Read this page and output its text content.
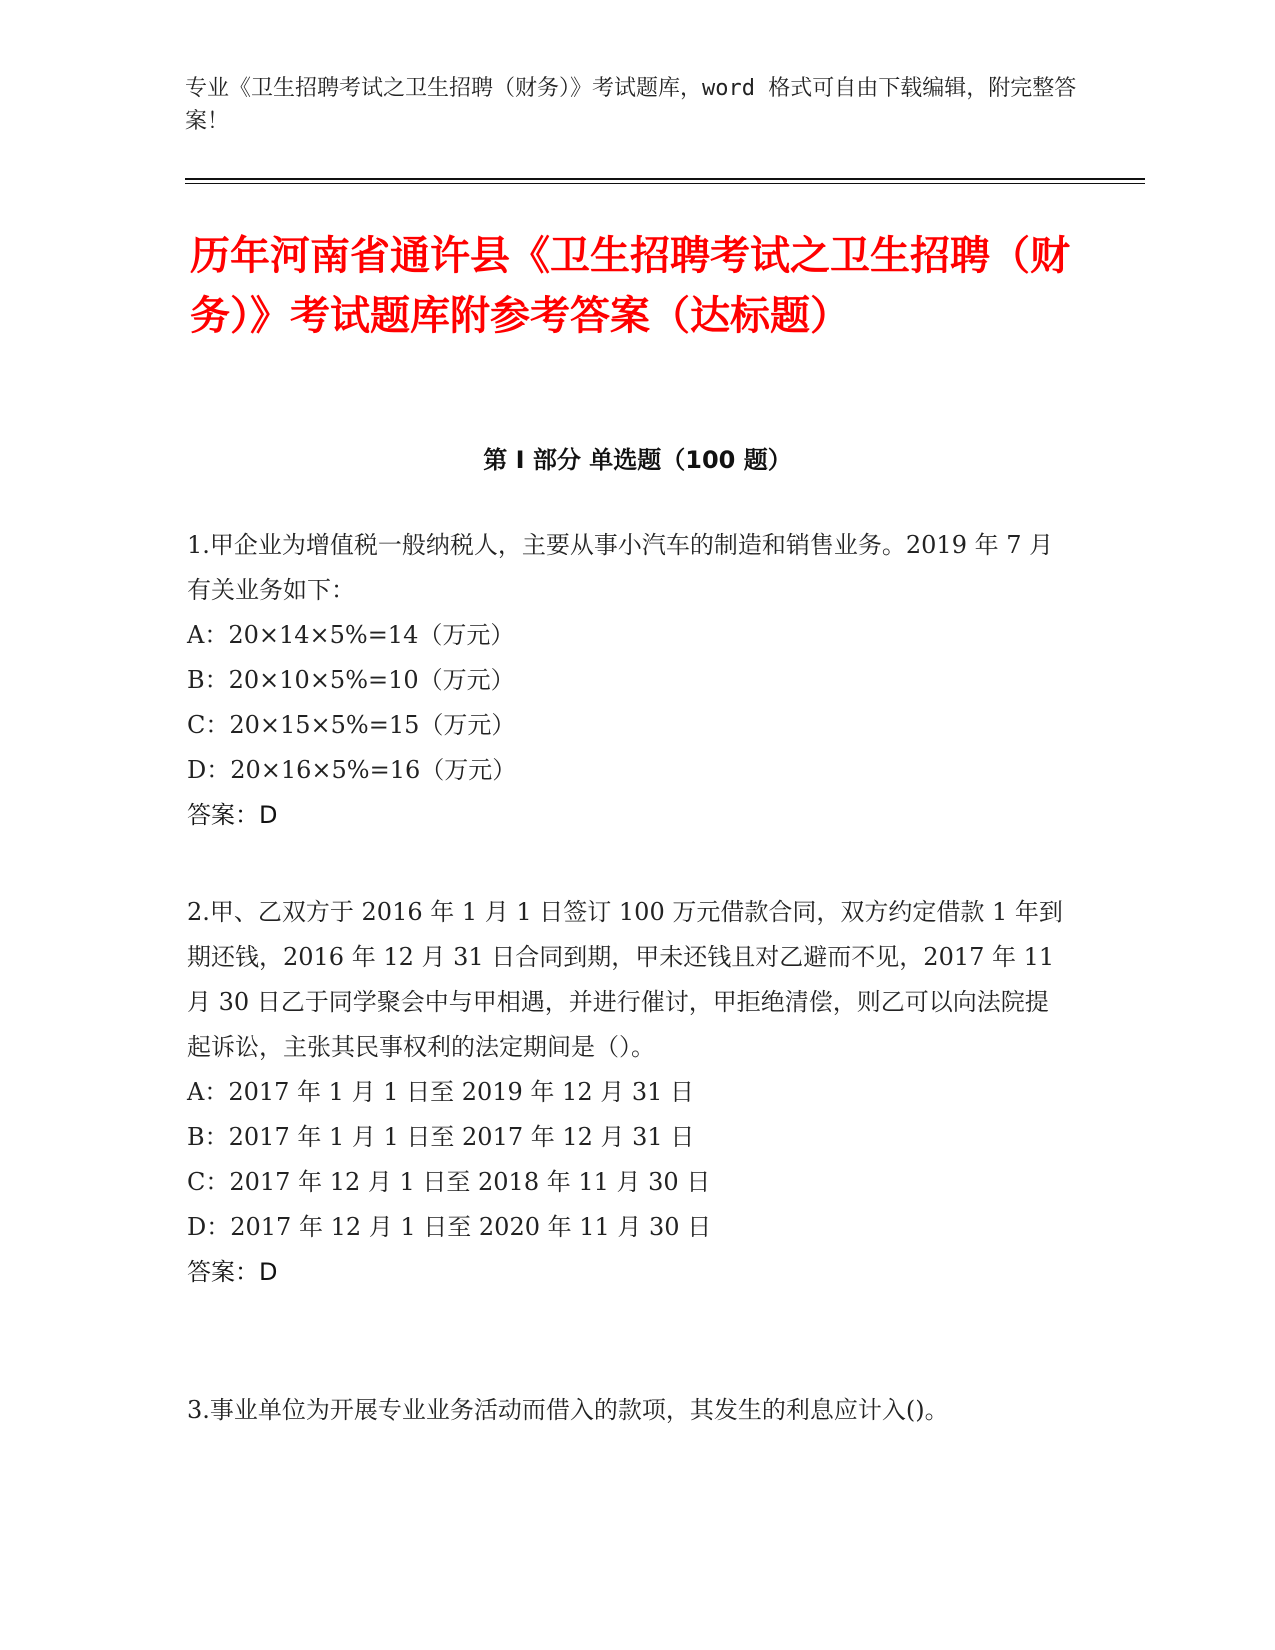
专业《卫生招聘考试之卫生招聘（财务）》考试题库，word 格式可自由下载编辑，附完整答案！
历年河南省通许县《卫生招聘考试之卫生招聘（财务）》考试题库附参考答案（达标题）
第 I 部分 单选题（100 题）
1.甲企业为增值税一般纳税人，主要从事小汽车的制造和销售业务。2019 年 7 月有关业务如下：
A：20×14×5%=14（万元）
B：20×10×5%=10（万元）
C：20×15×5%=15（万元）
D：20×16×5%=16（万元）
答案：D
2.甲、乙双方于 2016 年 1 月 1 日签订 100 万元借款合同，双方约定借款 1 年到期还钱，2016 年 12 月 31 日合同到期，甲未还钱且对乙避而不见，2017 年 11 月 30 日乙于同学聚会中与甲相遇，并进行催讨，甲拒绝清偿，则乙可以向法院提起诉讼，主张其民事权利的法定期间是（）。
A：2017 年 1 月 1 日至 2019 年 12 月 31 日
B：2017 年 1 月 1 日至 2017 年 12 月 31 日
C：2017 年 12 月 1 日至 2018 年 11 月 30 日
D：2017 年 12 月 1 日至 2020 年 11 月 30 日
答案：D
3.事业单位为开展专业业务活动而借入的款项，其发生的利息应计入()。
